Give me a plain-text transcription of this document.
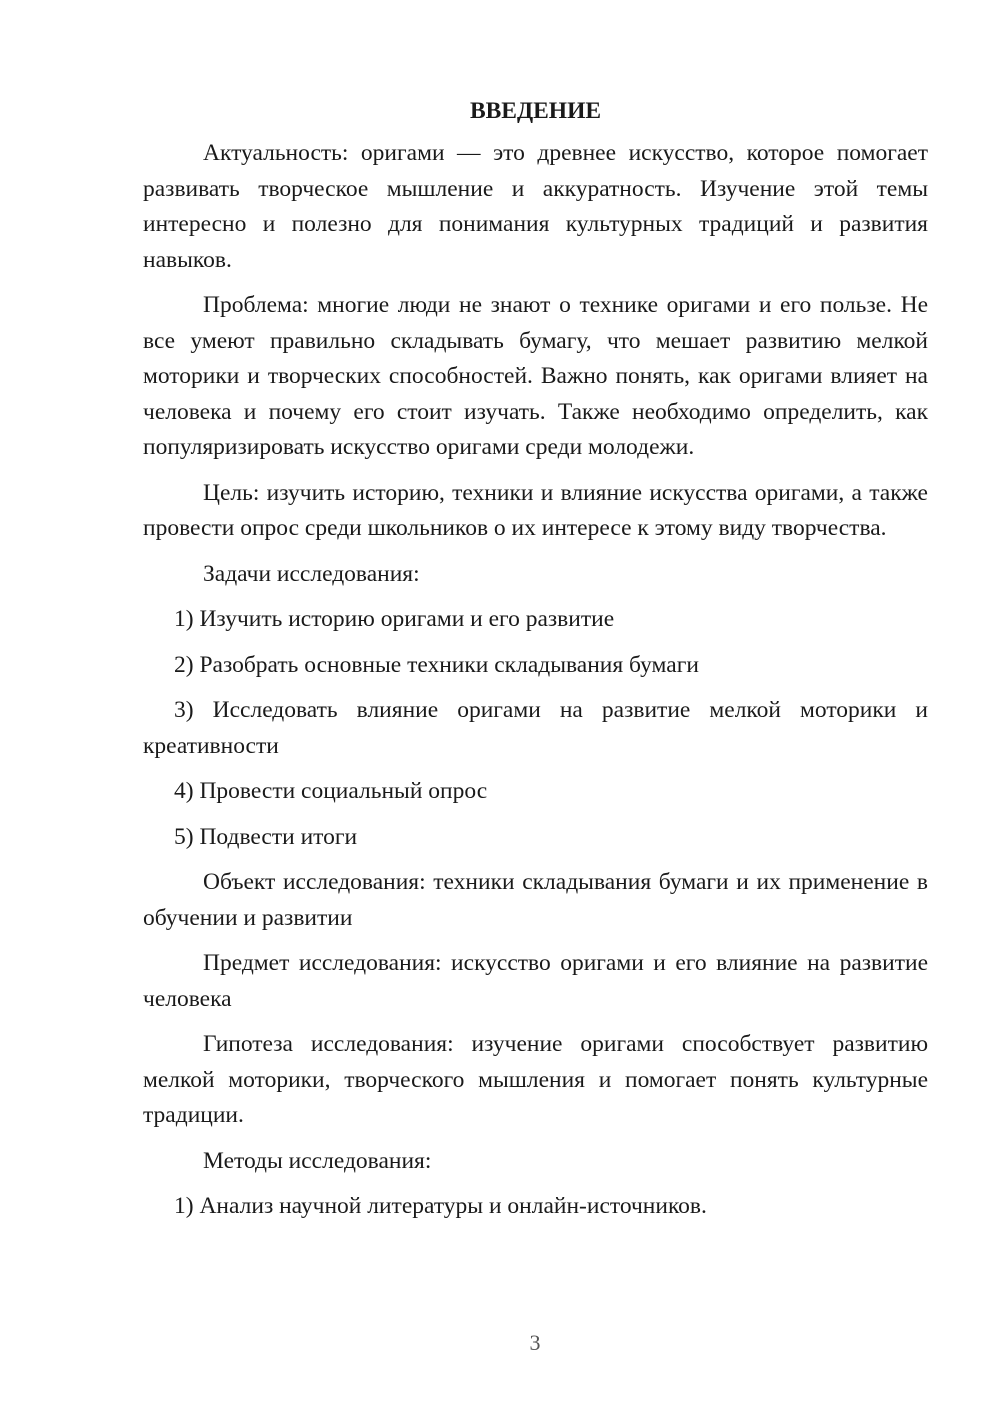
ВВЕДЕНИЕ

Актуальность: оригами — это древнее искусство, которое помогает развивать творческое мышление и аккуратность. Изучение этой темы интересно и полезно для понимания культурных традиций и развития навыков.

Проблема: многие люди не знают о технике оригами и его пользе. Не все умеют правильно складывать бумагу, что мешает развитию мелкой моторики и творческих способностей. Важно понять, как оригами влияет на человека и почему его стоит изучать. Также необходимо определить, как популяризировать искусство оригами среди молодежи.

Цель: изучить историю, техники и влияние искусства оригами, а также провести опрос среди школьников о их интересе к этому виду творчества.

Задачи исследования:

1) Изучить историю оригами и его развитие

2) Разобрать основные техники складывания бумаги

3) Исследовать влияние оригами на развитие мелкой моторики и креативности

4) Провести социальный опрос

5) Подвести итоги

Объект исследования: техники складывания бумаги и их применение в обучении и развитии

Предмет исследования: искусство оригами и его влияние на развитие человека

Гипотеза исследования: изучение оригами способствует развитию мелкой моторики, творческого мышления и помогает понять культурные традиции.

Методы исследования:

1) Анализ научной литературы и онлайн-источников.

3
